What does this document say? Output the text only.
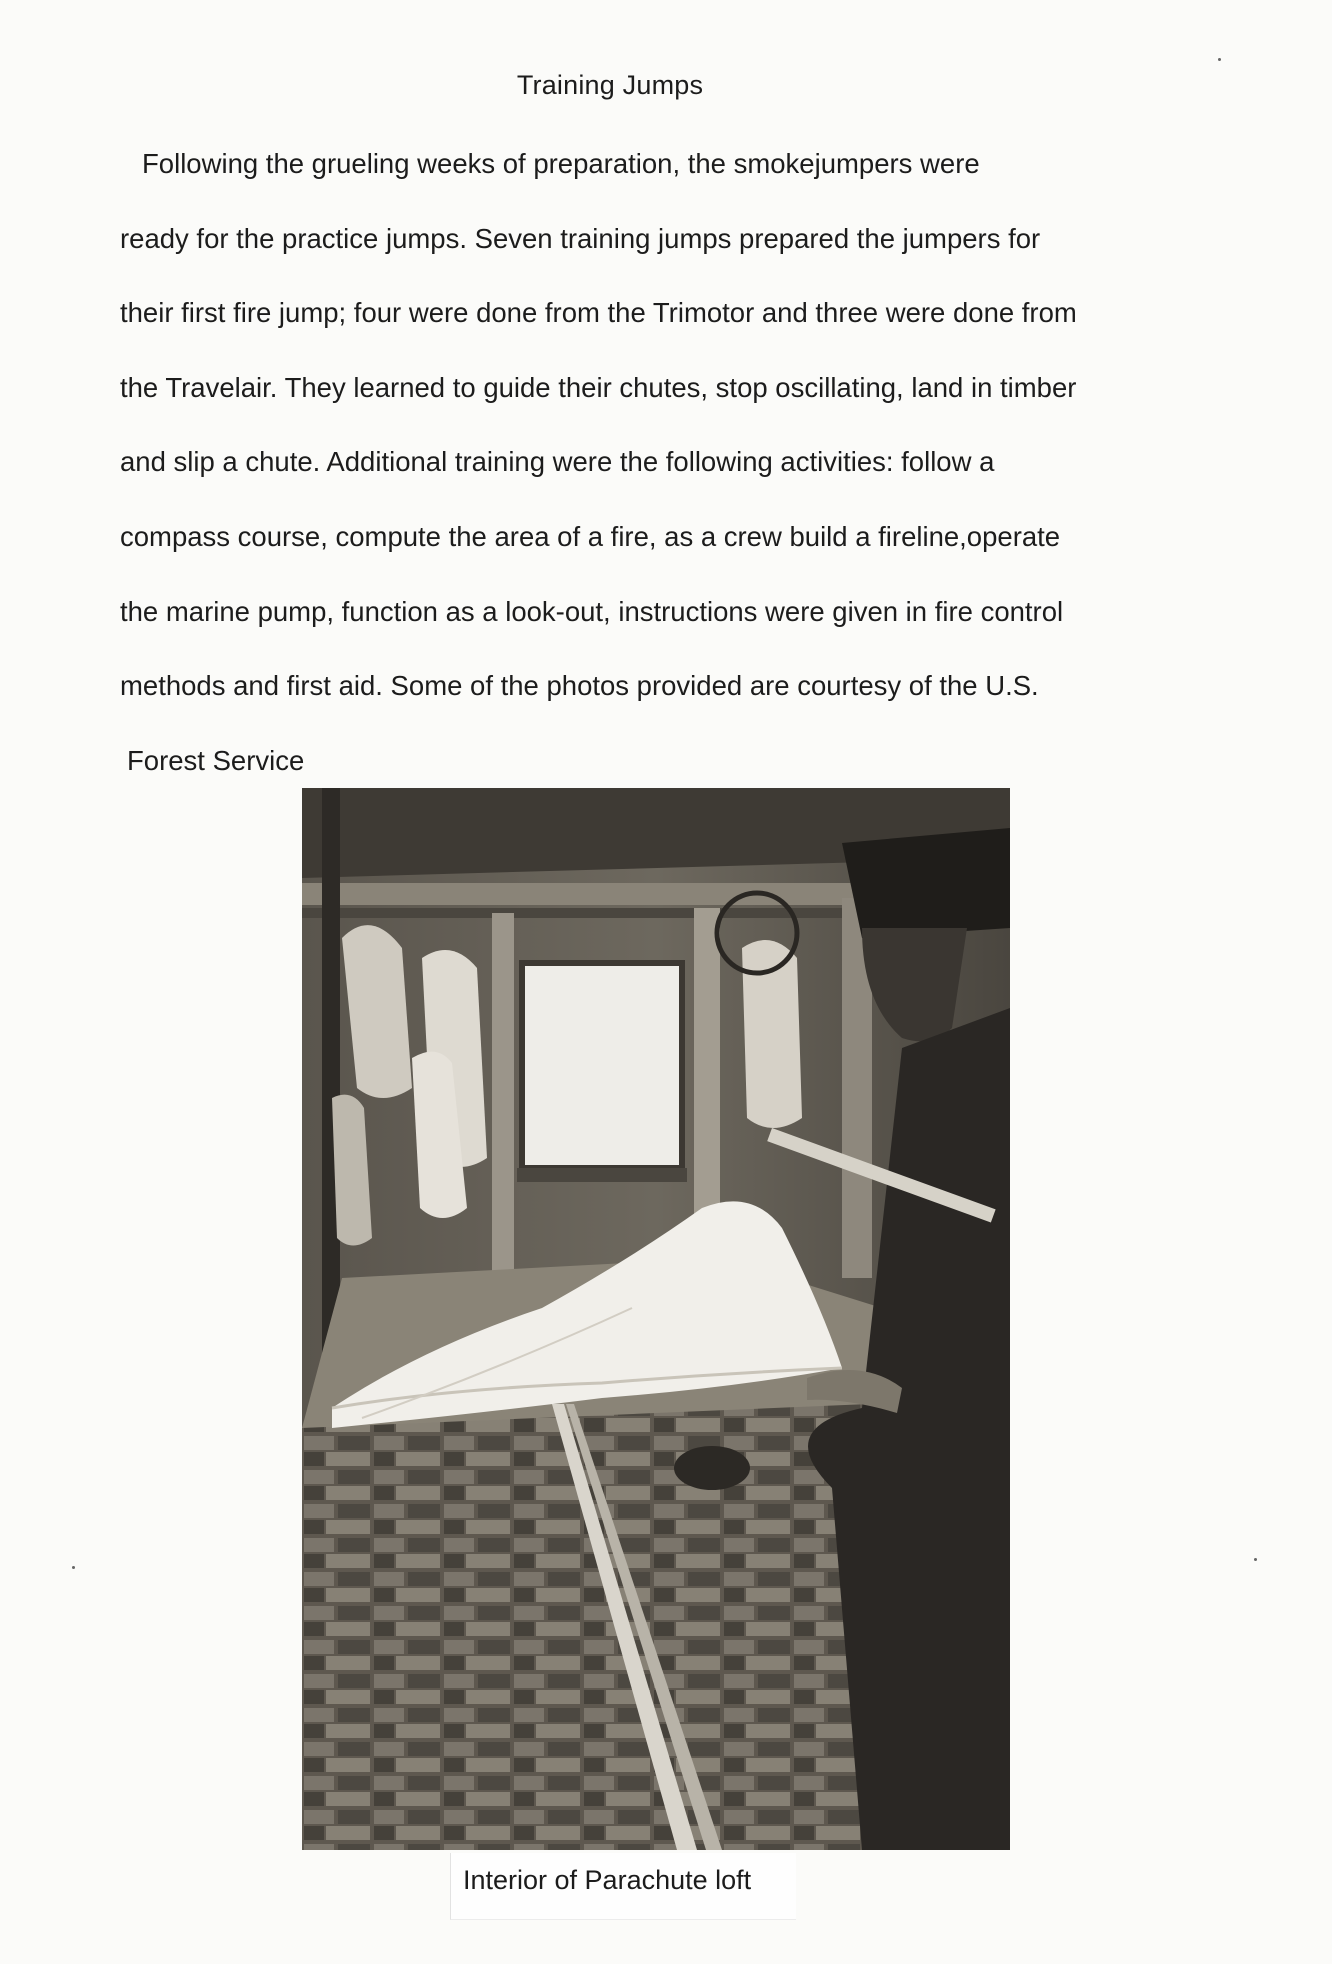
Training Jumps
Following the grueling weeks of preparation, the smokejumpers were
ready for the practice jumps. Seven training jumps prepared the jumpers for
their first fire jump; four were done from the Trimotor and three were done from
the Travelair. They learned to guide their chutes, stop oscillating, land in timber
and slip a chute. Additional training were the following activities: follow a
compass course, compute the area of a fire, as a crew build a fireline,operate
the marine pump, function as a look-out, instructions were given in fire control
methods and first aid. Some of the photos provided are courtesy of the U.S.
Forest Service
Interior of Parachute loft
